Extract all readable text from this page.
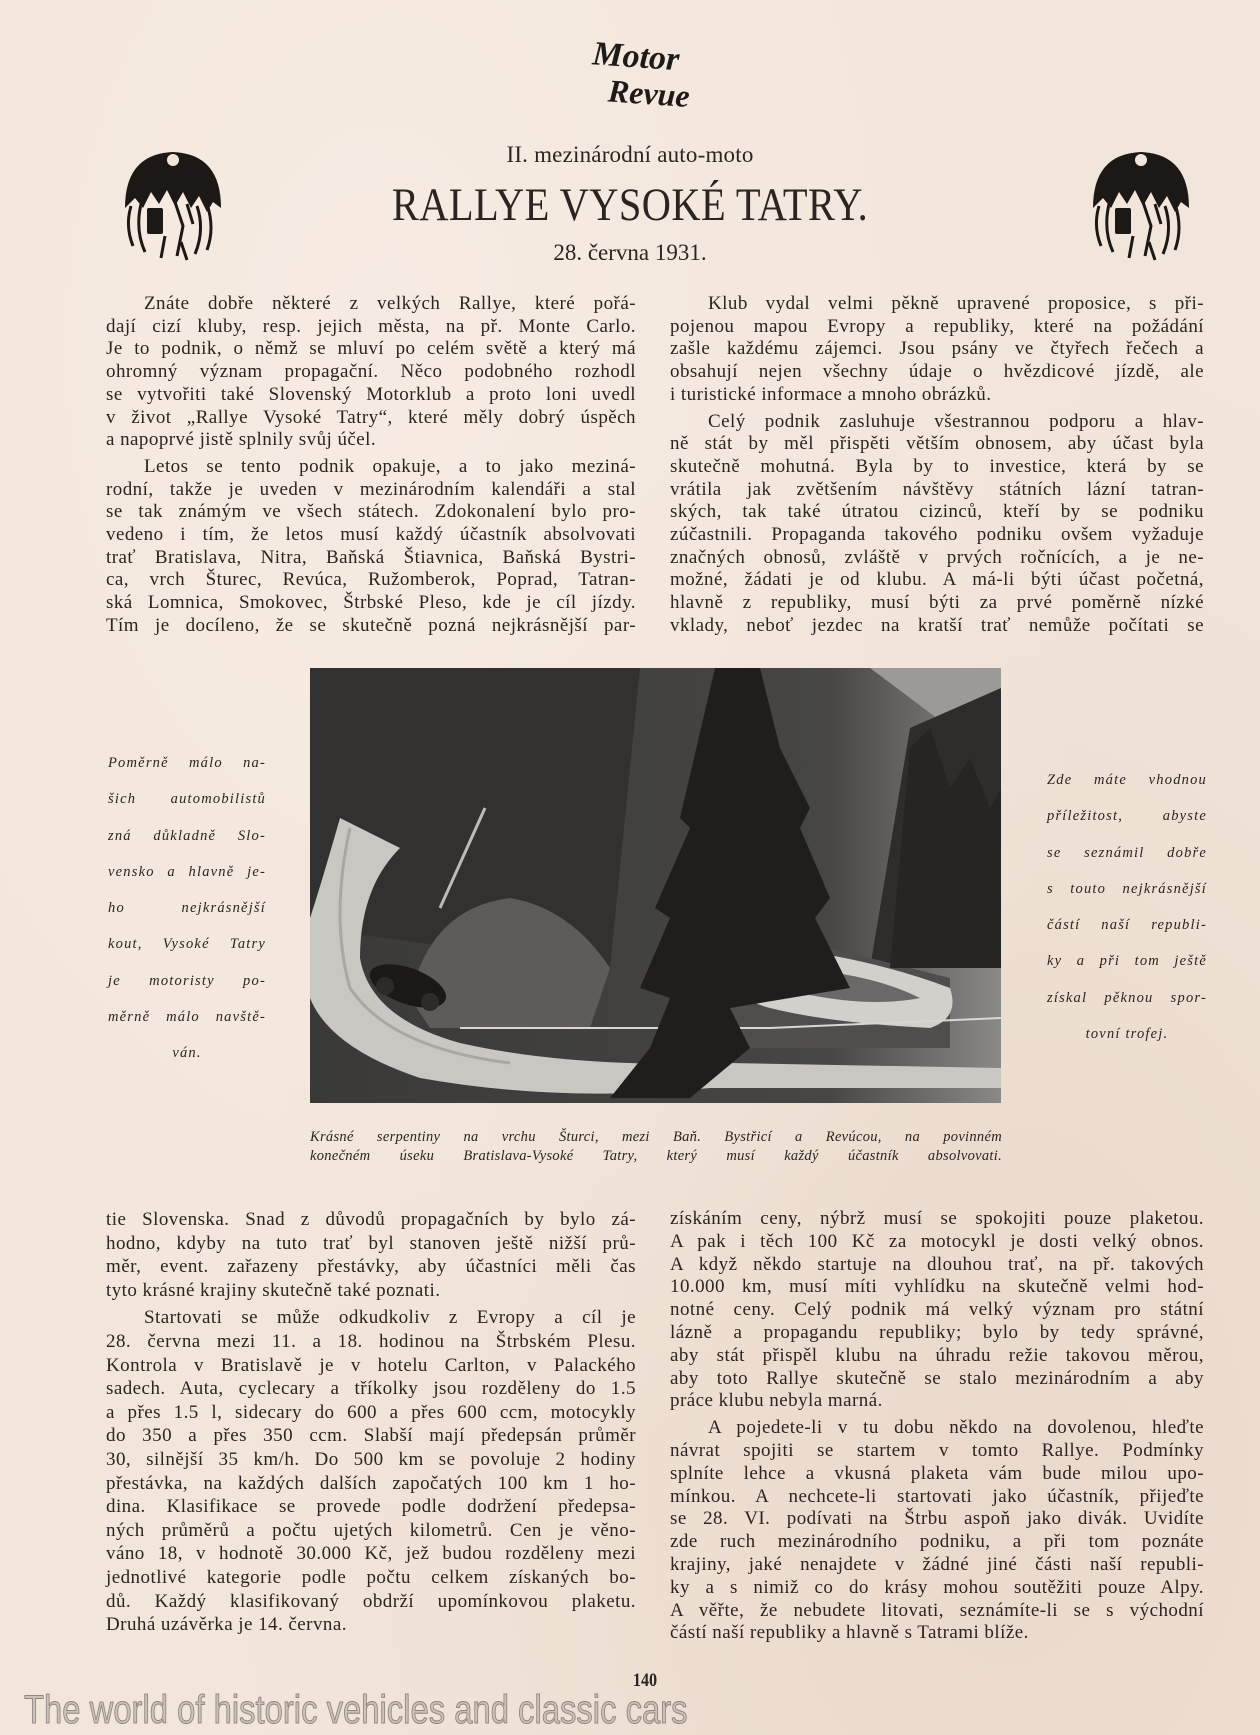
Motor
Revue
II. mezinárodní auto-moto
RALLYE VYSOKÉ TATRY.
28. června 1931.
Znáte dobře některé z velkých Rallye, které pořá-
dají cizí kluby, resp. jejich města, na př. Monte Carlo.
Je to podnik, o němž se mluví po celém světě a který má
ohromný význam propagační. Něco podobného rozhodl
se vytvořiti také Slovenský Motorklub a proto loni uvedl
v život „Rallye Vysoké Tatry“, které měly dobrý úspěch
a napoprvé jistě splnily svůj účel.
Letos se tento podnik opakuje, a to jako meziná-
rodní, takže je uveden v mezinárodním kalendáři a stal
se tak známým ve všech státech. Zdokonalení bylo pro-
vedeno i tím, že letos musí každý účastník absolvovati
trať Bratislava, Nitra, Baňská Štiavnica, Baňská Bystri-
ca, vrch Šturec, Revúca, Ružomberok, Poprad, Tatran-
ská Lomnica, Smokovec, Štrbské Pleso, kde je cíl jízdy.
Tím je docíleno, že se skutečně pozná nejkrásnější par-
Klub vydal velmi pěkně upravené proposice, s při-
pojenou mapou Evropy a republiky, které na požádání
zašle každému zájemci. Jsou psány ve čtyřech řečech a
obsahují nejen všechny údaje o hvězdicové jízdě, ale
i turistické informace a mnoho obrázků.
Celý podnik zasluhuje všestrannou podporu a hlav-
ně stát by měl přispěti větším obnosem, aby účast byla
skutečně mohutná. Byla by to investice, která by se
vrátila jak zvětšením návštěvy státních lázní tatran-
ských, tak také útratou cizinců, kteří by se podniku
zúčastnili. Propaganda takového podniku ovšem vyžaduje
značných obnosů, zvláště v prvých ročnících, a je ne-
možné, žádati je od klubu. A má-li býti účast početná,
hlavně z republiky, musí býti za prvé poměrně nízké
vklady, neboť jezdec na kratší trať nemůže počítati se
Poměrně málo na-
šich automobilistů
zná důkladně Slo-
vensko a hlavně je-
ho nejkrásnější
kout, Vysoké Tatry
je motoristy po-
měrně málo navště-
ván.
Zde máte vhodnou
příležitost, abyste
se seznámil dobře
s touto nejkrásnější
částí naší republi-
ky a při tom ještě
získal pěknou spor-
tovní trofej.
Krásné serpentiny na vrchu Šturci, mezi Baň. Bystřicí a Revúcou, na povinném
konečném úseku Bratislava-Vysoké Tatry, který musí každý účastník absolvovati.
tie Slovenska. Snad z důvodů propagačních by bylo zá-
hodno, kdyby na tuto trať byl stanoven ještě nižší prů-
měr, event. zařazeny přestávky, aby účastníci měli čas
tyto krásné krajiny skutečně také poznati.
Startovati se může odkudkoliv z Evropy a cíl je
28. června mezi 11. a 18. hodinou na Štrbském Plesu.
Kontrola v Bratislavě je v hotelu Carlton, v Palackého
sadech. Auta, cyclecary a tříkolky jsou rozděleny do 1.5
a přes 1.5 l, sidecary do 600 a přes 600 ccm, motocykly
do 350 a přes 350 ccm. Slabší mají předepsán průměr
30, silnější 35 km/h. Do 500 km se povoluje 2 hodiny
přestávka, na každých dalších započatých 100 km 1 ho-
dina. Klasifikace se provede podle dodržení předepsa-
ných průměrů a počtu ujetých kilometrů. Cen je věno-
váno 18, v hodnotě 30.000 Kč, jež budou rozděleny mezi
jednotlivé kategorie podle počtu celkem získaných bo-
dů. Každý klasifikovaný obdrží upomínkovou plaketu.
Druhá uzávěrka je 14. června.
získáním ceny, nýbrž musí se spokojiti pouze plaketou.
A pak i těch 100 Kč za motocykl je dosti velký obnos.
A když někdo startuje na dlouhou trať, na př. takových
10.000 km, musí míti vyhlídku na skutečně velmi hod-
notné ceny. Celý podnik má velký význam pro státní
lázně a propagandu republiky; bylo by tedy správné,
aby stát přispěl klubu na úhradu režie takovou měrou,
aby toto Rallye skutečně se stalo mezinárodním a aby
práce klubu nebyla marná.
A pojedete-li v tu dobu někdo na dovolenou, hleďte
návrat spojiti se startem v tomto Rallye. Podmínky
splníte lehce a vkusná plaketa vám bude milou upo-
mínkou. A nechcete-li startovati jako účastník, přijeďte
se 28. VI. podívati na Štrbu aspoň jako divák. Uvidíte
zde ruch mezinárodního podniku, a při tom poznáte
krajiny, jaké nenajdete v žádné jiné části naší republi-
ky a s nimiž co do krásy mohou soutěžiti pouze Alpy.
A věřte, že nebudete litovati, seznámíte-li se s východní
částí naší republiky a hlavně s Tatrami blíže.
140
The world of historic vehicles and classic cars
